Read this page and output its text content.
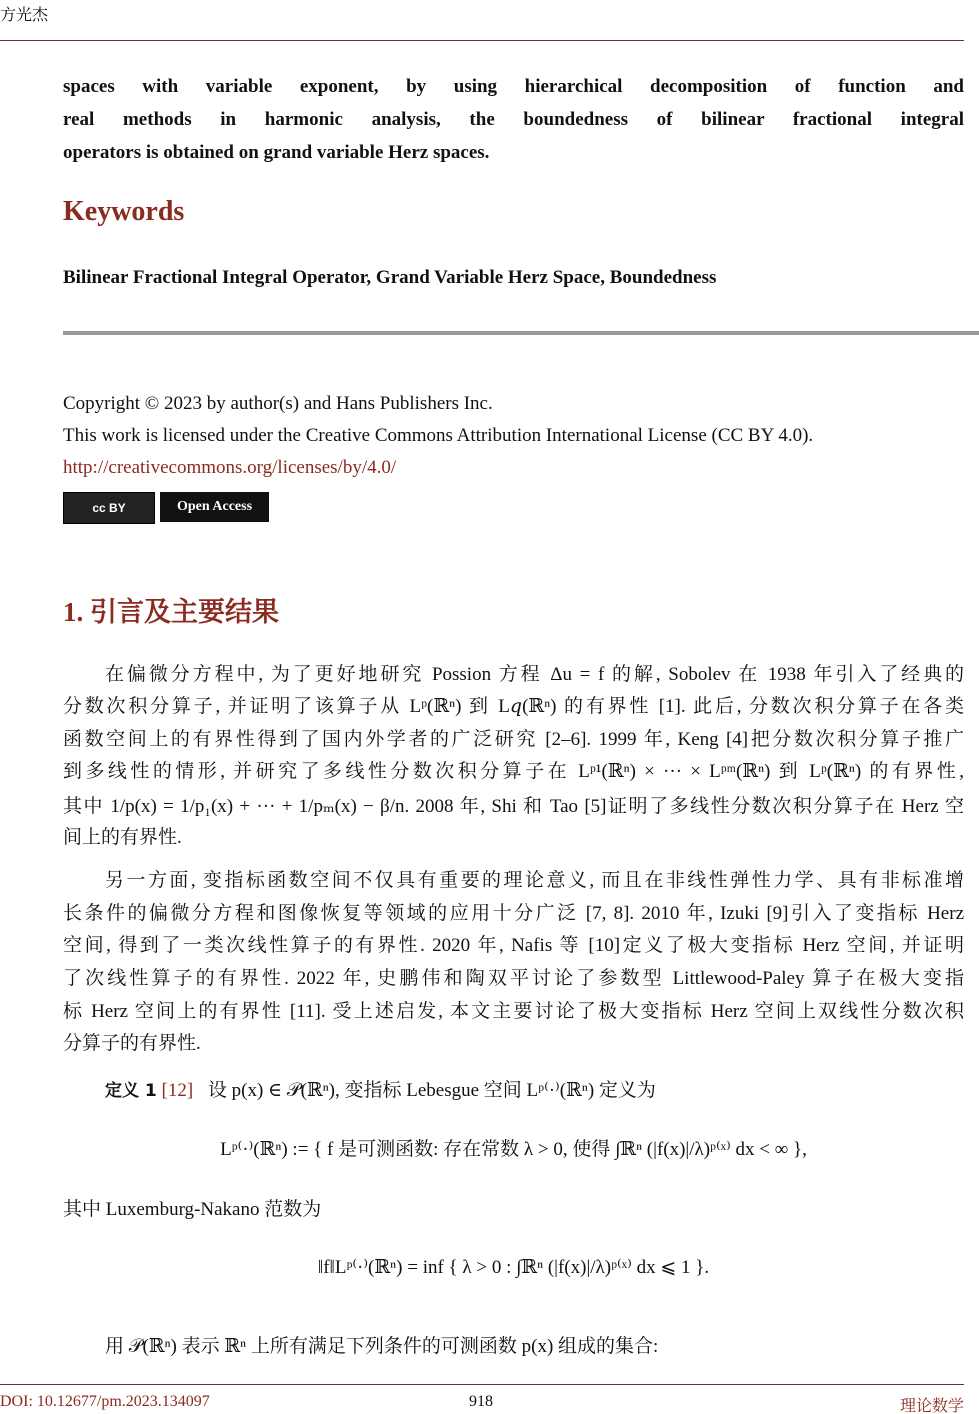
方光杰
spaces with variable exponent, by using hierarchical decomposition of function and
real methods in harmonic analysis, the boundedness of bilinear fractional integral
operators is obtained on grand variable Herz spaces.
Keywords
Bilinear Fractional Integral Operator, Grand Variable Herz Space, Boundedness
Copyright © 2023 by author(s) and Hans Publishers Inc.
This work is licensed under the Creative Commons Attribution International License (CC BY 4.0).
http://creativecommons.org/licenses/by/4.0/
cc BY	Open Access
1. 引言及主要结果
在偏微分方程中, 为了更好地研究 Possion 方程 Δu = f 的解, Sobolev 在 1938 年引入了经典的
分数次积分算子, 并证明了该算子从 Lᵖ(ℝⁿ) 到 L𝑞(ℝⁿ) 的有界性 [1]. 此后, 分数次积分算子在各类
函数空间上的有界性得到了国内外学者的广泛研究 [2–6]. 1999 年, Keng [4]把分数次积分算子推广
到多线性的情形, 并研究了多线性分数次积分算子在 Lᵖ¹(ℝⁿ) × ··· × Lᵖᵐ(ℝⁿ) 到 Lᵖ(ℝⁿ) 的有界性,
其中 1/p(x) = 1/p₁(x) + ··· + 1/pₘ(x) − β/n. 2008 年, Shi 和 Tao [5]证明了多线性分数次积分算子在 Herz 空
间上的有界性.
另一方面, 变指标函数空间不仅具有重要的理论意义, 而且在非线性弹性力学、具有非标准增
长条件的偏微分方程和图像恢复等领域的应用十分广泛 [7, 8]. 2010 年, Izuki [9]引入了变指标 Herz
空间, 得到了一类次线性算子的有界性. 2020 年, Nafis 等 [10]定义了极大变指标 Herz 空间, 并证明
了次线性算子的有界性. 2022 年, 史鹏伟和陶双平讨论了参数型 Littlewood-Paley 算子在极大变指
标 Herz 空间上的有界性 [11]. 受上述启发, 本文主要讨论了极大变指标 Herz 空间上双线性分数次积
分算子的有界性.
定义 1 [12] 设 p(x) ∈ 𝒫(ℝⁿ), 变指标 Lebesgue 空间 Lᵖ⁽·⁾(ℝⁿ) 定义为
Lᵖ⁽·⁾(ℝⁿ) := { f 是可测函数: 存在常数 λ > 0, 使得 ∫ℝⁿ (|f(x)|/λ)ᵖ⁽ˣ⁾ dx < ∞ },
其中 Luxemburg-Nakano 范数为
‖f‖Lᵖ⁽·⁾(ℝⁿ) = inf { λ > 0 : ∫ℝⁿ (|f(x)|/λ)ᵖ⁽ˣ⁾ dx ⩽ 1 }.
用 𝒫(ℝⁿ) 表示 ℝⁿ 上所有满足下列条件的可测函数 p(x) 组成的集合:
DOI: 10.12677/pm.2023.134097	918	理论数学
